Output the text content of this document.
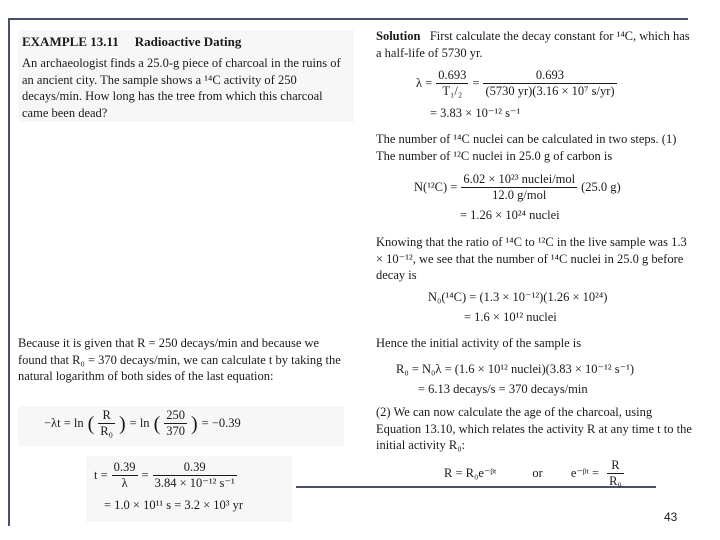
EXAMPLE 13.11 Radioactive Dating

An archaeologist finds a 25.0-g piece of charcoal in the ruins of an ancient city. The sample shows a ¹⁴C activity of 250 decays/min. How long has the tree from which this charcoal came been dead?

Solution First calculate the decay constant for ¹⁴C, which has a half-life of 5730 yr.

$\lambda = \frac{0.693}{\text{T₁/₂}} = \frac{0.693}{\text{(5730 yr)(3.16 × 10⁷ s/yr)}}$
= 3.83 × 10⁻¹² s⁻¹

The number of ¹⁴C nuclei can be calculated in two steps. (1) The number of ¹²C nuclei in 25.0 g of carbon is

$N(^{12}C) = \frac{\text{6.02 × 10²³ nuclei/mol}}{\text{12.0 g/mol}} (25.0$ g)
= 1.26 × 10²⁴ nuclei

Knowing that the ratio of ¹⁴C to ¹²C in the live sample was 1.3 × 10⁻¹², we see that the number of ¹⁴C nuclei in 25.0 g before decay is

N₀(¹⁴C) = (1.3 × 10⁻¹²)(1.26 × 10²⁴)
= 1.6 × 10¹² nuclei

Hence the initial activity of the sample is

R₀ = N₀λ = (1.6 × 10¹² nuclei)(3.83 × 10⁻¹² s⁻¹)
= 6.13 decays/s = 370 decays/min

(2) We can now calculate the age of the charcoal, using Equation 13.10, which relates the activity R at any time t to the initial activity R₀:

R = R₀e⁻ᵝᵗ	or e⁻ᵝᵗ = $\frac{R}{\text{R₀}}$

Because it is given that R = 250 decays/min and because we found that R₀ = 370 decays/min, we can calculate t by taking the natural logarithm of both sides of the last equation:

−λt = ln ( $\frac{R}{\text{R₀}}$ ) = ln ( $\frac{250}{370}$ ) = −0.39
$t = \frac{0.39}{\lambda} = \frac{0.39}{\text{3.84 × 10⁻¹² s⁻¹}}$
= 1.0 × 10¹¹ s = 3.2 × 10³ yr
43
